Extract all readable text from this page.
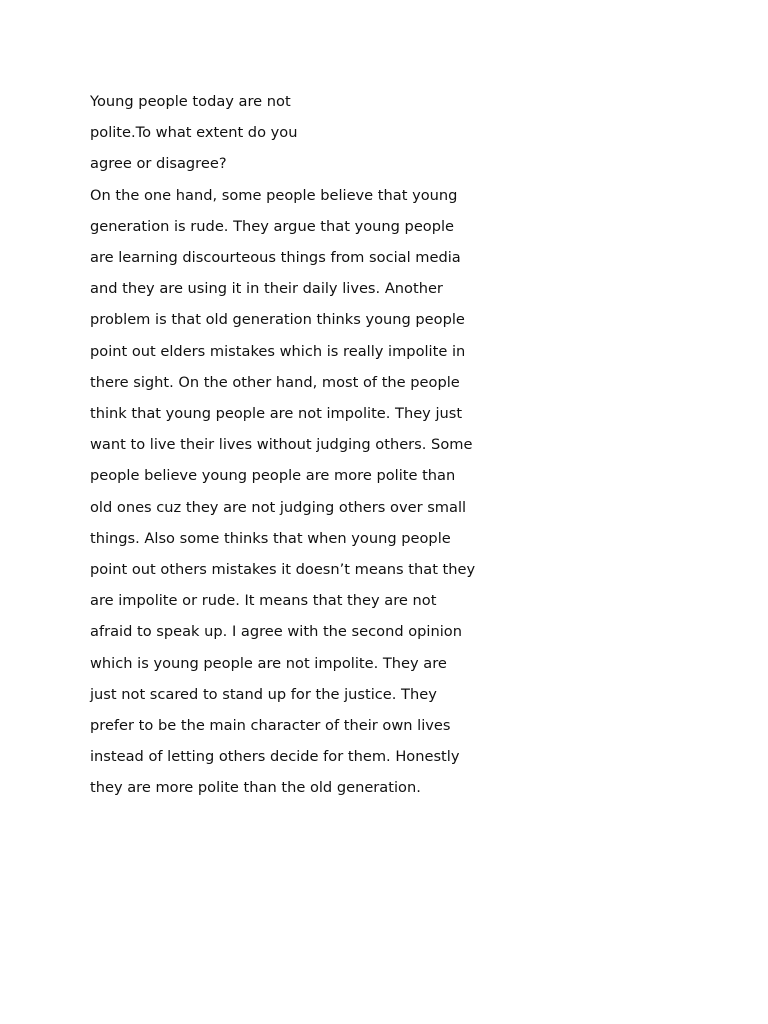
Young people today are not
polite.To what extent do you
agree or disagree?
On the one hand, some people believe that young
generation is rude. They argue that young people
are learning discourteous things from social media
and they are using it in their daily lives. Another
problem is that old generation thinks young people
point out elders mistakes which is really impolite in
there sight. On the other hand, most of the people
think that young people are not impolite. They just
want to live their lives without judging others. Some
people believe young people are more polite than
old ones cuz they are not judging others over small
things. Also some thinks that when young people
point out others mistakes it doesn’t means that they
are impolite or rude. It means that they are not
afraid to speak up. I agree with the second opinion
which is young people are not impolite. They are
just not scared to stand up for the justice. They
prefer to be the main character of their own lives
instead of letting others decide for them. Honestly
they are more polite than the old generation.
